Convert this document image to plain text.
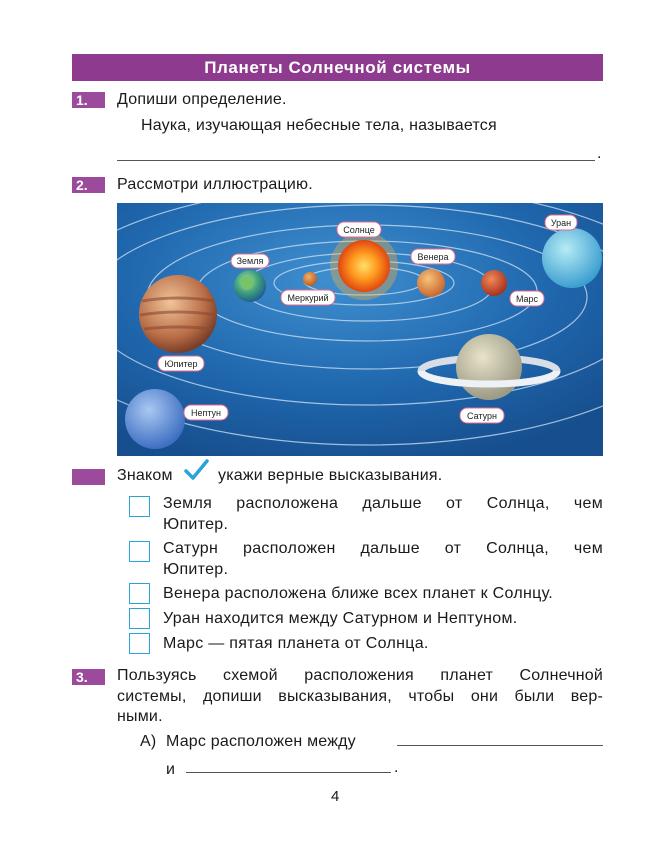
Планеты Солнечной системы
1.	Допиши определение.
Наука, изучающая небесные тела, называется
.
2.	Рассмотри иллюстрацию.
Солнце
Земля	Венера
Меркурий	Марс
Уран
Юпитер
Нептун	Сатурн
Знаком	укажи верные высказывания.
Земля расположена дальше от Солнца, чем
Юпитер.
Сатурн расположен дальше от Солнца, чем
Юпитер.
Венера расположена ближе всех планет к Солнцу.
Уран находится между Сатурном и Нептуном.
Марс — пятая планета от Солнца.
3.	Пользуясь схемой расположения планет Солнечной
системы, допиши высказывания, чтобы они были вер-
ными.
А) Марс расположен между
и	.
4
